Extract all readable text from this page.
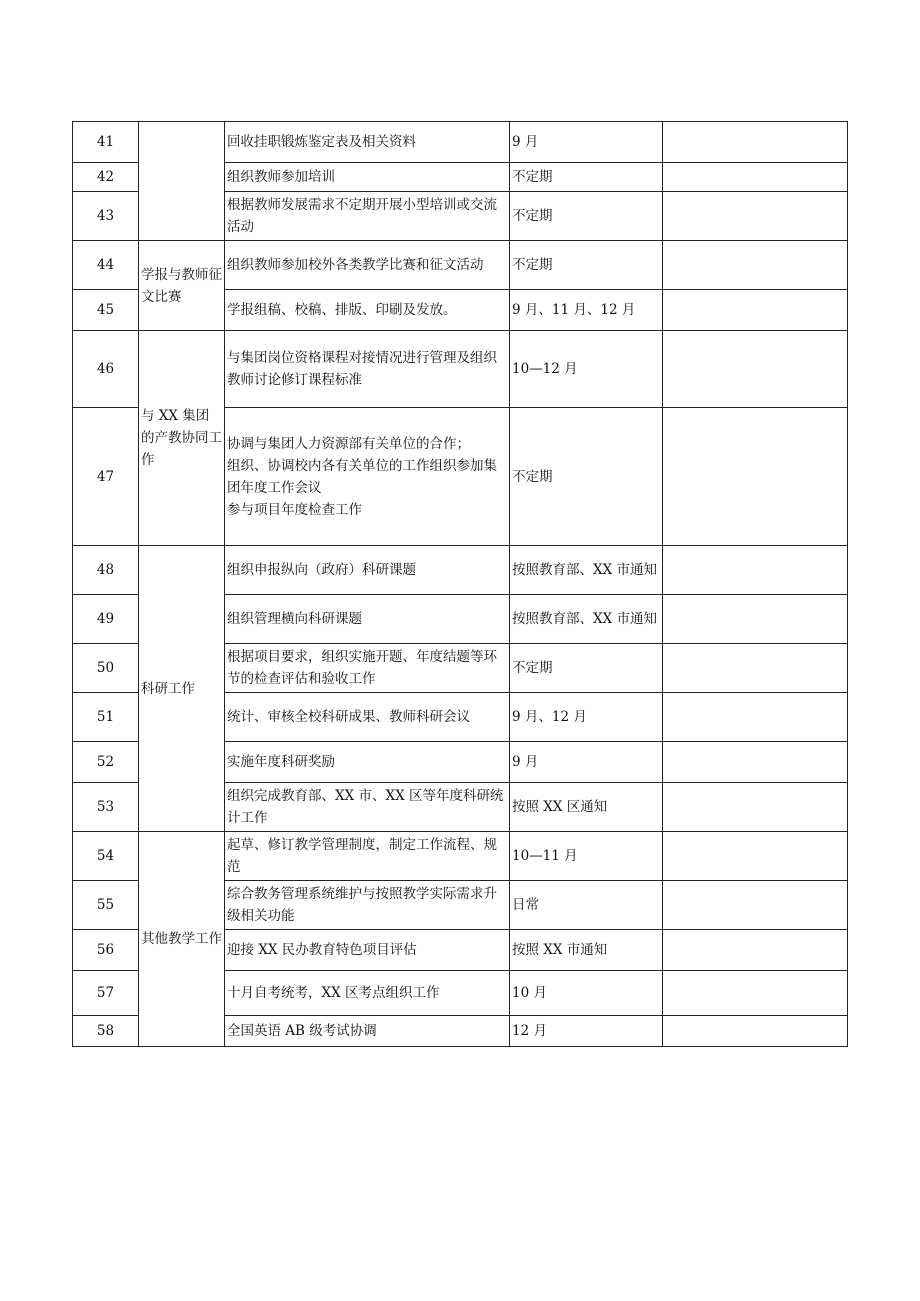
41		回收挂职锻炼鉴定表及相关资料	9 月	
42		组织教师参加培训	不定期	
43		根据教师发展需求不定期开展小型培训或交流活动	不定期	
44	学报与教师征文比赛	组织教师参加校外各类教学比赛和征文活动	不定期	
45		学报组稿、校稿、排版、印刷及发放。	9 月、11 月、12 月	
46	与 XX 集团的产教协同工作	与集团岗位资格课程对接情况进行管理及组织教师讨论修订课程标准	10—12 月	
47		协调与集团人力资源部有关单位的合作；
组织、协调校内各有关单位的工作组织参加集团年度工作会议
参与项目年度检查工作	不定期	
48	科研工作	组织申报纵向（政府）科研课题	按照教育部、XX 市通知	
49		组织管理横向科研课题	按照教育部、XX 市通知	
50		根据项目要求，组织实施开题、年度结题等环节的检查评估和验收工作	不定期	
51		统计、审核全校科研成果、教师科研会议	9 月、12 月	
52		实施年度科研奖励	9 月	
53		组织完成教育部、XX 市、XX 区等年度科研统计工作	按照 XX 区通知	
54	其他教学工作	起草、修订教学管理制度，制定工作流程、规范	10—11 月	
55		综合教务管理系统维护与按照教学实际需求升级相关功能	日常	
56		迎接 XX 民办教育特色项目评估	按照 XX 市通知	
57		十月自考统考，XX 区考点组织工作	10 月	
58		全国英语 AB 级考试协调	12 月	
